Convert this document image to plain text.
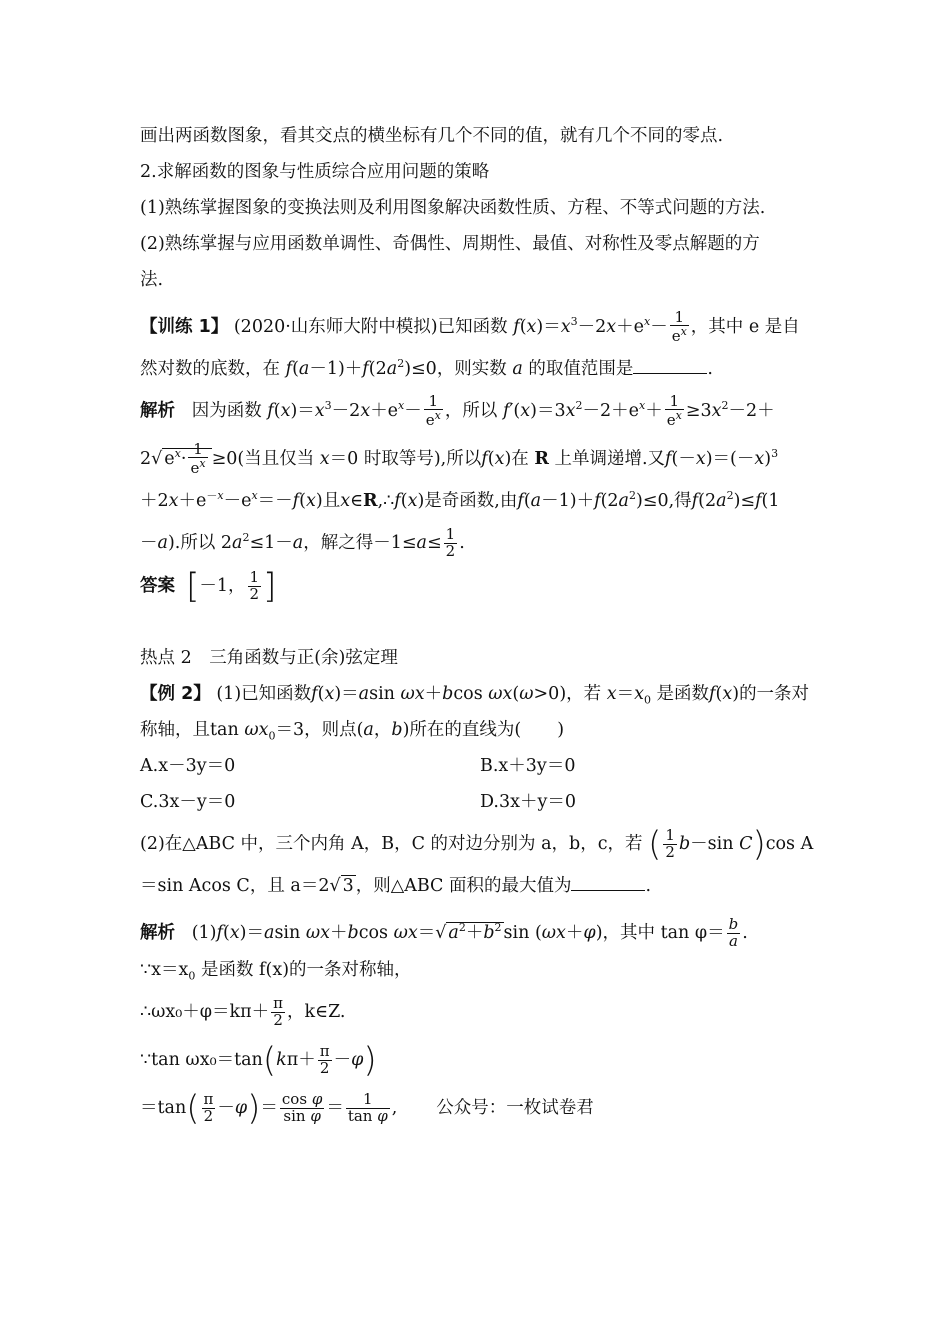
画出两函数图象，看其交点的横坐标有几个不同的值，就有几个不同的零点.
2.求解函数的图象与性质综合应用问题的策略
(1)熟练掌握图象的变换法则及利用图象解决函数性质、方程、不等式问题的方法.
(2)熟练掌握与应用函数单调性、奇偶性、周期性、最值、对称性及零点解题的方
法.
【训练 1】 (2020·山东师大附中模拟)已知函数 $f(x)=x^3-2x+e^x- \frac{1}{e^x}$ ，其中 e 是自
然对数的底数，在 $f(a-1)+f(2a^2)\le 0$，则实数 a 的取值范围是	.
解析 因为函数 $f(x)=x^3-2x+e^x- \frac{1}{e^x}$ ，所以 $f'(x)=3x^2-2+e^x+ \frac{1}{e^x} \ge 3x^2-2+$
2√ $e^x\cdot \frac{1}{e^x} \ge 0$(当且仅当 x＝0 时取等号),所以f(x)在 R 上单调递增.又$f(-x)=(-x)^3$
$+2x+e^{-x}-e^x=-f(x)$且x∈R,∴f(x)是奇函数,由$f(a-1)+f(2a^2)\le 0$,得$f(2a^2)\le f(1$
－a).所以 $2a^2\le 1-a$，解之得$-1\le a\le \frac{1}{2}$ .
答案 [－1， $\frac{1}{2}$ ]
热点 2　三角函数与正(余)弦定理
【例 2】 (1)已知函数f(x)＝asin ωx＋bcos ωx(ω>0)，若 $x=x_0$ 是函数f(x)的一条对
称轴，且$\tan \omega x_0=3$，则点(a，b)所在的直线为( )
A.x－3y＝0	B.x＋3y＝0
C.3x－y＝0	D.3x＋y＝0
(2)在△ABC 中，三个内角 A，B，C 的对边分别为 a，b，c，若 ( $\frac{1}{2} b-\sin$ C)cos A
＝sin Acos C，且 a＝2√ 3 ，则△ABC 面积的最大值为	.
解析   (1)f(x)＝asin ωx＋bcos ωx＝√ $a^2+b^2$ sin (ωx＋φ)，其中 $\tan \varphi= \frac{b}{a}$ .
$\because x=x_0$ 是函数 f(x)的一条对称轴，
∴ωx₀＋φ＝kπ＋ $\frac{\pi}{2}$ ，k∈Z.
∵tan $\omega x_0=\tan(k\pi+ \frac{\pi}{2} -\varphi)$
$=\tan( \frac{\pi}{2} -\varphi)= \frac{\text{cos φ}}{\text{sin φ}} = \frac{1}{\text{tan φ}}$ ,       公众号：一枚试卷君
